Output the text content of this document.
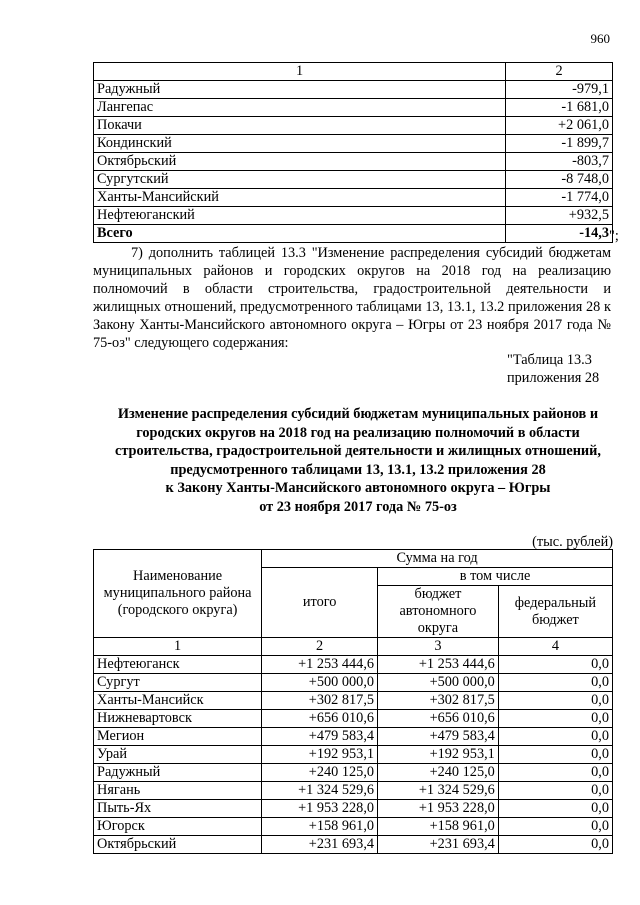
960
1	2
Радужный	-979,1
Лангепас	-1 681,0
Покачи	+2 061,0
Кондинский	-1 899,7
Октябрьский	-803,7
Сургутский	-8 748,0
Ханты-Мансийский	-1 774,0
Нефтеюганский	+932,5
Всего	-14,3 ";

7) дополнить таблицей 13.3 "Изменение распределения субсидий бюджетам муниципальных районов и городских округов на 2018 год на реализацию полномочий в области строительства, градостроительной деятельности и жилищных отношений, предусмотренного таблицами 13, 13.1, 13.2 приложения 28 к Закону Ханты-Мансийского автономного округа – Югры от 23 ноября 2017 года № 75-оз" следующего содержания:

"Таблица 13.3
приложения 28
Изменение распределения субсидий бюджетам муниципальных районов и
городских округов на 2018 год на реализацию полномочий в области
строительства, градостроительной деятельности и жилищных отношений,
предусмотренного таблицами 13, 13.1, 13.2 приложения 28
к Закону Ханты-Мансийского автономного округа – Югры
от 23 ноября 2017 года № 75-оз
(тыс. рублей)
Наименование муниципального района (городского округа)	Сумма на год		
	итого	в том числе	
		бюджет автономного округа	федеральный бюджет
1	2	3	4
Нефтеюганск	+1 253 444,6	+1 253 444,6	0,0
Сургут	+500 000,0	+500 000,0	0,0
Ханты-Мансийск	+302 817,5	+302 817,5	0,0
Нижневартовск	+656 010,6	+656 010,6	0,0
Мегион	+479 583,4	+479 583,4	0,0
Урай	+192 953,1	+192 953,1	0,0
Радужный	+240 125,0	+240 125,0	0,0
Нягань	+1 324 529,6	+1 324 529,6	0,0
Пыть-Ях	+1 953 228,0	+1 953 228,0	0,0
Югорск	+158 961,0	+158 961,0	0,0
Октябрьский	+231 693,4	+231 693,4	0,0
